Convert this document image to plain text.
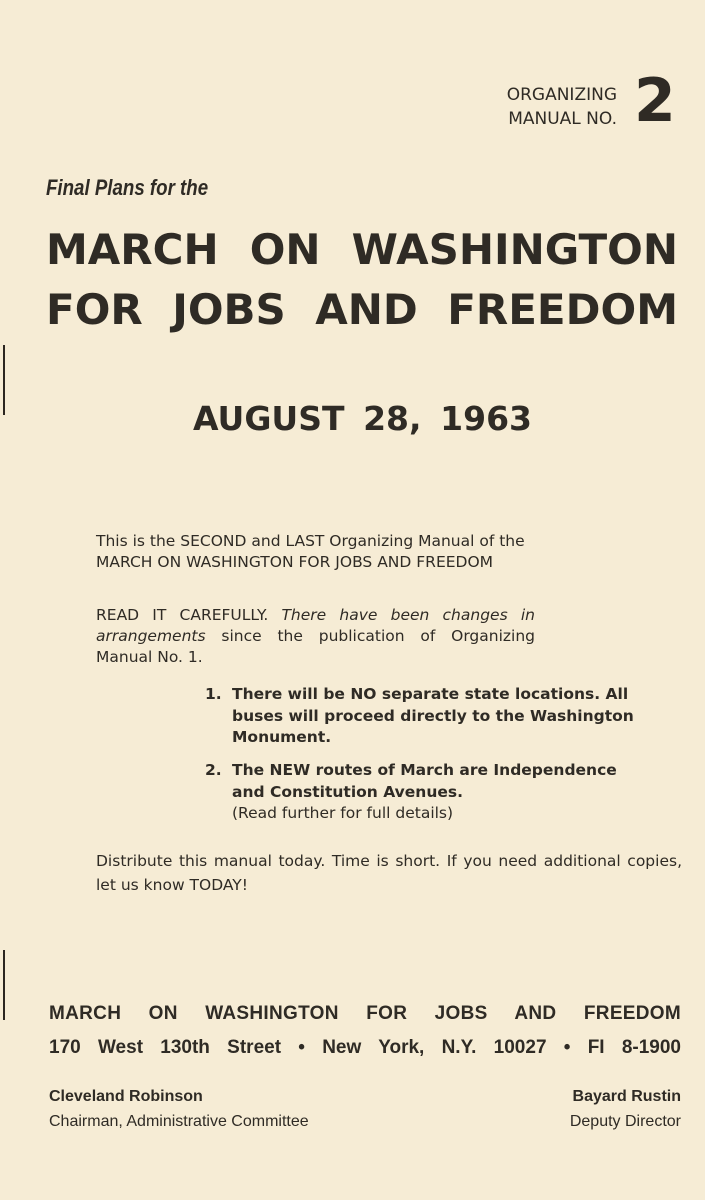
ORGANIZING
MANUAL NO. 2
Final Plans for the
MARCH ON WASHINGTON
FOR JOBS AND FREEDOM
AUGUST 28, 1963
This is the SECOND and LAST Organizing Manual of the MARCH ON WASHINGTON FOR JOBS AND FREEDOM
READ IT CAREFULLY. There have been changes in arrangements since the publication of Organizing Manual No. 1.
1. There will be NO separate state locations. All buses will proceed directly to the Washington Monument.
2. The NEW routes of March are Independence and Constitution Avenues.
(Read further for full details)
Distribute this manual today. Time is short. If you need additional copies, let us know TODAY!
MARCH ON WASHINGTON FOR JOBS AND FREEDOM
170 West 130th Street • New York, N.Y. 10027 • FI 8-1900
Cleveland Robinson
Chairman, Administrative Committee
Bayard Rustin
Deputy Director
